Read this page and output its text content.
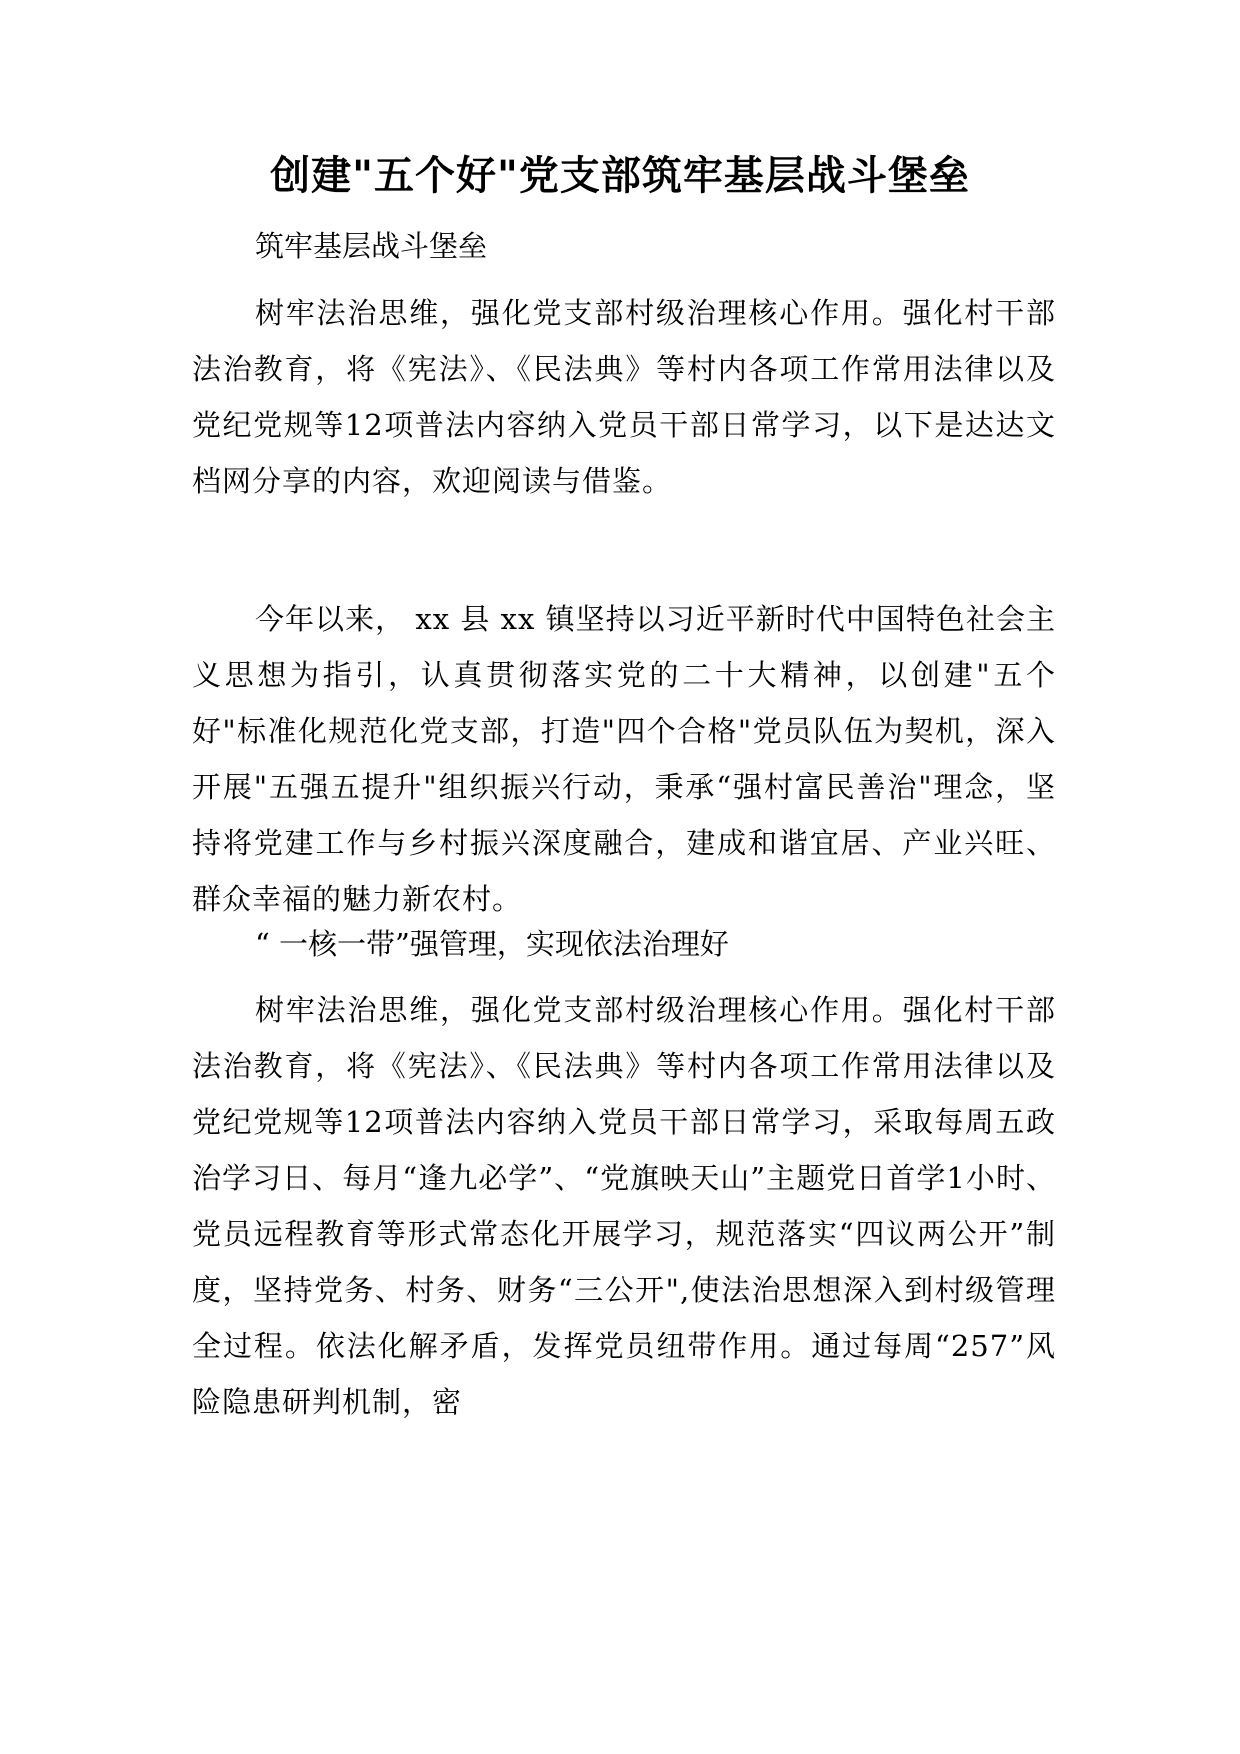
创建"五个好"党支部筑牢基层战斗堡垒

筑牢基层战斗堡垒

树牢法治思维，强化党支部村级治理核心作用。强化村干部法治教育，将《宪法》、《民法典》等村内各项工作常用法律以及党纪党规等12项普法内容纳入党员干部日常学习，以下是达达文档网分享的内容，欢迎阅读与借鉴。

今年以来， xx 县 xx 镇坚持以习近平新时代中国特色社会主义思想为指引，认真贯彻落实党的二十大精神，以创建"五个好"标准化规范化党支部，打造"四个合格"党员队伍为契机，深入开展"五强五提升"组织振兴行动，秉承“强村富民善治"理念，坚持将党建工作与乡村振兴深度融合，建成和谐宜居、产业兴旺、群众幸福的魅力新农村。

“ 一核一带”强管理，实现依法治理好

树牢法治思维，强化党支部村级治理核心作用。强化村干部法治教育，将《宪法》、《民法典》等村内各项工作常用法律以及党纪党规等12项普法内容纳入党员干部日常学习，采取每周五政治学习日、每月“逢九必学”、“党旗映天山”主题党日首学1小时、党员远程教育等形式常态化开展学习，规范落实“四议两公开”制度，坚持党务、村务、财务“三公开",使法治思想深入到村级管理全过程。依法化解矛盾，发挥党员纽带作用。通过每周“257”风险隐患研判机制，密
